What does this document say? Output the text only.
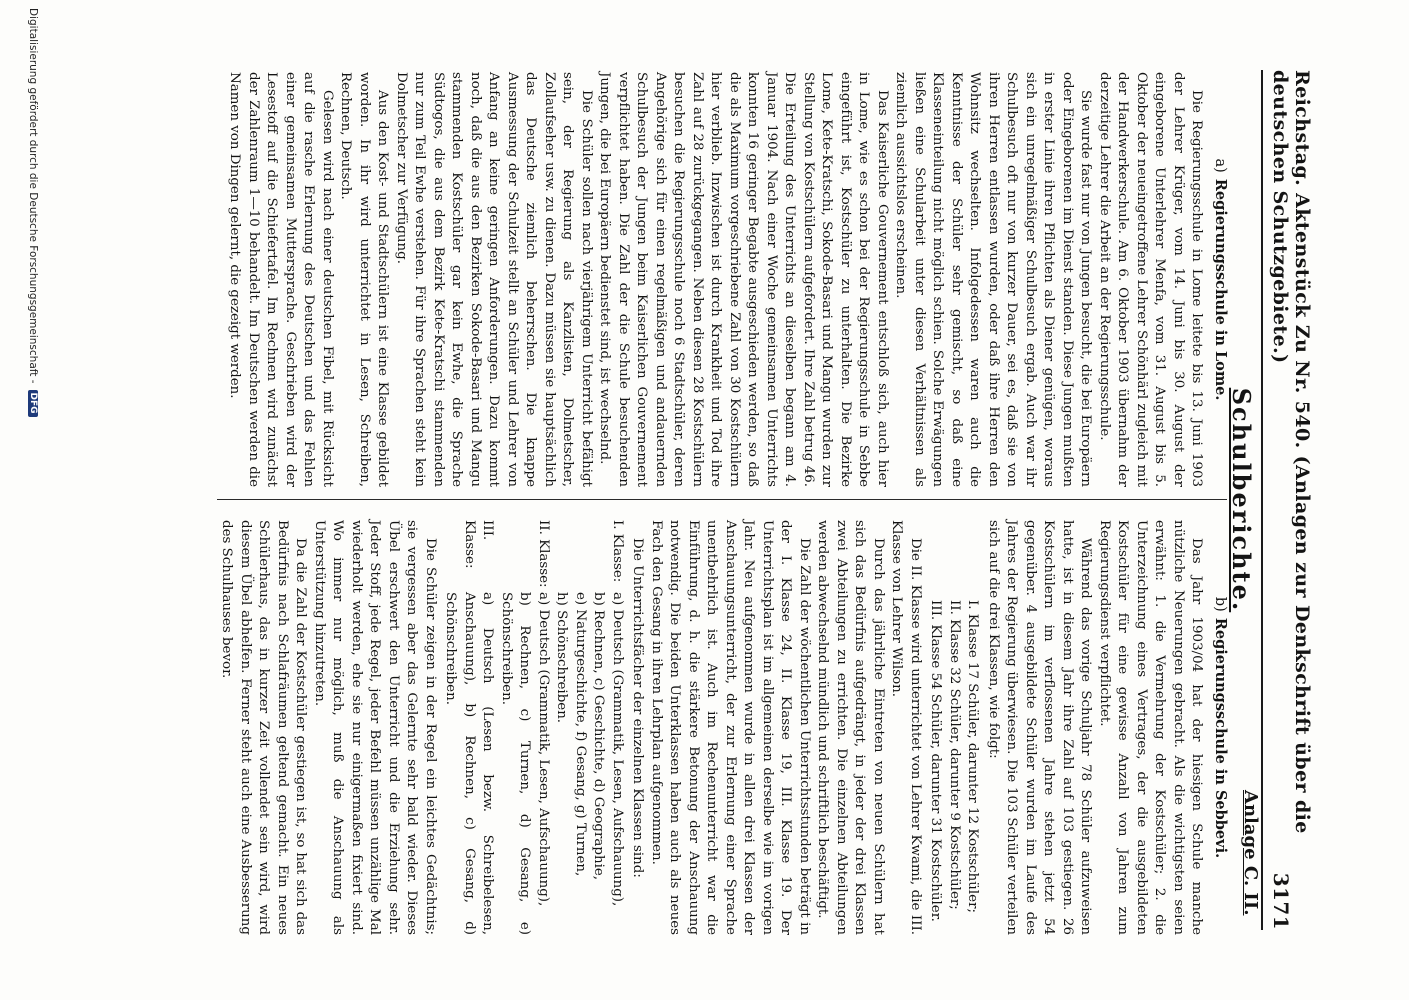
Reichstag. Aktenstück Zu Nr. 540. (Anlagen zur Denkschrift über die deutschen Schutzgebiete.)
3171
Schulberichte.
Anlage C. II.
a)Regierungsschule in Lome.

Die Regierungsschule in Lome leitete bis 13. Juni 1903 der Lehrer Krüger, vom 14. Juni bis 30. August der eingeborene Unterlehrer Menfa, vom 31. August bis 5. Oktober der neueingetroffene Lehrer Schönhärl zugleich mit der Handwerkerschule. Am 6. Oktober 1903 übernahm der derzeitige Lehrer die Arbeit an der Regierungsschule.

Sie wurde fast nur von Jungen besucht, die bei Europäern oder Eingeborenen im Dienst standen. Diese Jungen mußten in erster Linie ihren Pflichten als Diener genügen, woraus sich ein unregelmäßiger Schulbesuch ergab. Auch war ihr Schulbesuch oft nur von kurzer Dauer, sei es, daß sie von ihren Herren entlassen wurden, oder daß ihre Herren den Wohnsitz wechselten. Infolgedessen waren auch die Kenntnisse der Schüler sehr gemischt, so daß eine Klasseneinteilung nicht möglich schien. Solche Erwägungen ließen eine Schularbeit unter diesen Verhältnissen als ziemlich aussichtslos erscheinen.

Das Kaiserliche Gouvernement entschloß sich, auch hier in Lome, wie es schon bei der Regierungsschule in Sebbe eingeführt ist, Kostschüler zu unterhalten. Die Bezirke Lome, Kete-Kratschi, Sokode-Basari und Mangu wurden zur Stellung von Kostschülern aufgefordert. Ihre Zahl betrug 46. Die Erteilung des Unterrichts an dieselben begann am 4. Januar 1904. Nach einer Woche gemeinsamen Unterrichts konnten 16 geringer Begabte ausgeschieden werden, so daß die als Maximum vorgeschriebene Zahl von 30 Kostschülern hier verblieb. Inzwischen ist durch Krankheit und Tod ihre Zahl auf 28 zurückgegangen. Neben diesen 28 Kostschülern besuchen die Regierungsschule noch 6 Stadtschüler, deren Angehörige sich für einen regelmäßigen und andauernden Schulbesuch der Jungen beim Kaiserlichen Gouvernement verpflichtet haben. Die Zahl der die Schule besuchenden Jungen, die bei Europäern bedienstet sind, ist wechselnd.

Die Schüler sollen nach vierjährigem Unterricht befähigt sein, der Regierung als Kanzlisten, Dolmetscher, Zollaufseher usw. zu dienen. Dazu müssen sie hauptsächlich das Deutsche ziemlich beherrschen. Die knappe Ausmessung der Schulzeit stellt an Schüler und Lehrer von Anfang an keine geringen Anforderungen. Dazu kommt noch, daß die aus den Bezirken Sokode-Basari und Mangu stammenden Kostschüler gar kein Ewhe, die Sprache Südtogos, die aus dem Bezirk Kete-Kratschi stammenden nur zum Teil Ewhe verstehen. Für ihre Sprachen steht kein Dolmetscher zur Verfügung.

Aus den Kost- und Stadtschülern ist eine Klasse gebildet worden. In ihr wird unterrichtet in Lesen, Schreiben, Rechnen, Deutsch.

Gelesen wird nach einer deutschen Fibel, mit Rücksicht auf die rasche Erlernung des Deutschen und das Fehlen einer gemeinsamen Muttersprache. Geschrieben wird der Lesestoff auf die Schiefertafel. Im Rechnen wird zunächst der Zahlenraum 1—10 behandelt. Im Deutschen werden die Namen von Dingen gelernt, die gezeigt werden.

b)Regierungsschule in Sebbevi.

Das Jahr 1903/04 hat der hiesigen Schule manche nützliche Neuerungen gebracht. Als die wichtigsten seien erwähnt: 1. die Vermehrung der Kostschüler; 2. die Unterzeichnung eines Vertrages, der die ausgebildeten Kostschüler für eine gewisse Anzahl von Jahren zum Regierungsdienst verpflichtet.

Während das vorige Schuljahr 78 Schüler aufzuweisen hatte, ist in diesem Jahr ihre Zahl auf 103 gestiegen. 26 Kostschülern im verflossenen Jahre stehen jetzt 54 gegenüber. 4 ausgebildete Schüler wurden im Laufe des Jahres der Regierung überwiesen. Die 103 Schüler verteilen sich auf die drei Klassen, wie folgt:

I. Klasse 17 Schüler, darunter 12 Kostschüler;
II. Klasse 32 Schüler, darunter 9 Kostschüler;
III. Klasse 54 Schüler, darunter 31 Kostschüler.

Die II. Klasse wird unterrichtet von Lehrer Kwami, die III. Klasse von Lehrer Wilson.

Durch das jährliche Eintreten von neuen Schülern hat sich das Bedürfnis aufgedrängt, in jeder der drei Klassen zwei Abteilungen zu errichten. Die einzelnen Abteilungen werden abwechselnd mündlich und schriftlich beschäftigt.

Die Zahl der wöchentlichen Unterrichtsstunden beträgt in der I. Klasse 24, II. Klasse 19, III. Klasse 19. Der Unterrichtsplan ist im allgemeinen derselbe wie im vorigen Jahr. Neu aufgenommen wurde in allen drei Klassen der Anschauungsunterricht, der zur Erlernung einer Sprache unentbehrlich ist. Auch im Rechenunterricht war die Einführung, d. h. die stärkere Betonung der Anschauung notwendig. Die beiden Unterklassen haben auch als neues Fach den Gesang in ihren Lehrplan aufgenommen.

Die Unterrichtsfächer der einzelnen Klassen sind:

I. Klasse:
a) Deutsch (Grammatik, Lesen, Aufschauung),
b) Rechnen, c) Geschichte, d) Geographie,
e) Naturgeschichte, f) Gesang, g) Turnen,
h) Schönschreiben.
II. Klasse:
a) Deutsch (Grammatik, Lesen, Aufschauung),
b) Rechnen, c) Turnen, d) Gesang, e) Schönschreiben.
III. Klasse:
a) Deutsch (Lesen bezw. Schreibelesen, Anschauung), b) Rechnen, c) Gesang, d) Schönschreiben.

Die Schüler zeigen in der Regel ein leichtes Gedächtnis; sie vergessen aber das Gelernte sehr bald wieder. Dieses Übel erschwert den Unterricht und die Erziehung sehr. Jeder Stoff, jede Regel, jeder Befehl müssen unzählige Mal wiederholt werden, ehe sie nur einigermaßen fixiert sind. Wo immer nur möglich, muß die Anschauung als Unterstützung hinzutreten.

Da die Zahl der Kostschüler gestiegen ist, so hat sich das Bedürfnis nach Schlafräumen geltend gemacht. Ein neues Schülerhaus, das in kurzer Zeit vollendet sein wird, wird diesem Übel abhelfen. Ferner steht auch eine Ausbesserung des Schulhauses bevor.

Digitalisierung gefördert durch die Deutsche Forschungsgemeinschaft -
DFG
